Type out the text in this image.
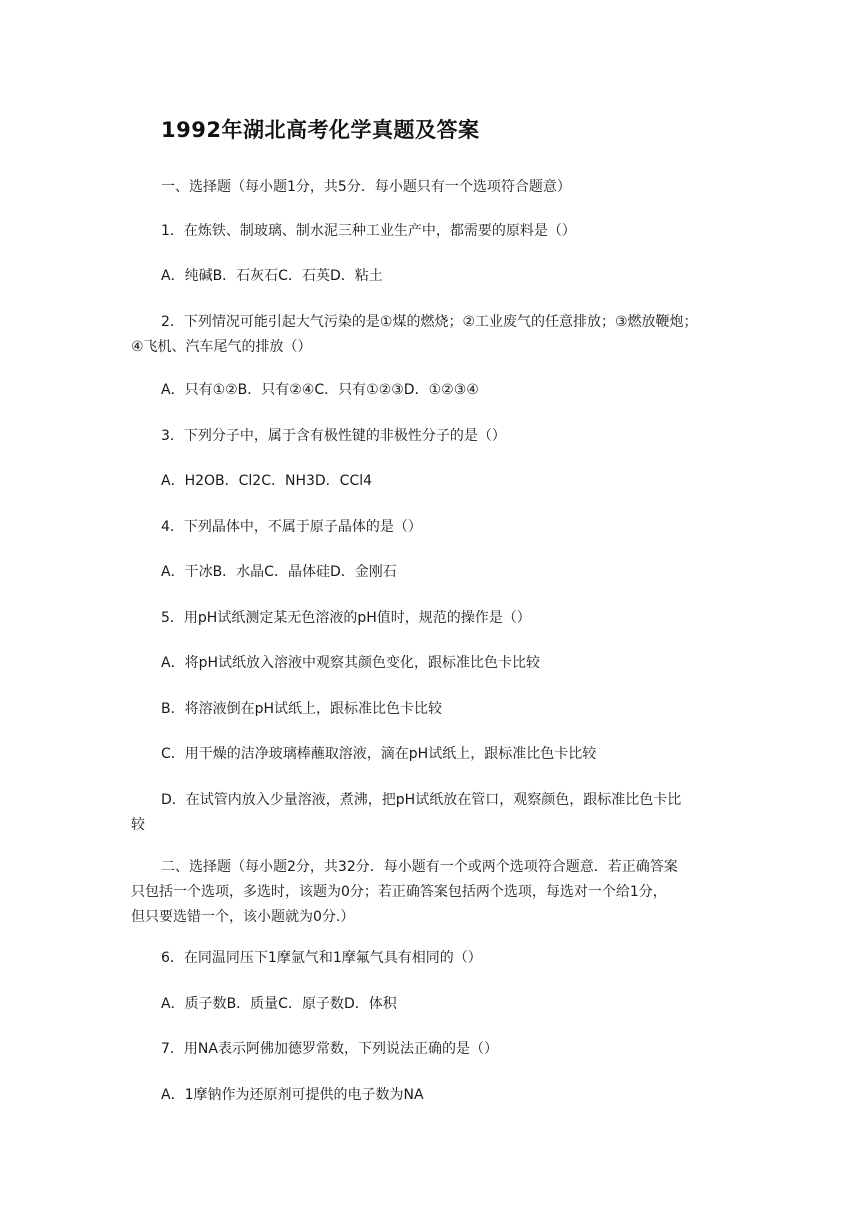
1992年湖北高考化学真题及答案
一、选择题（每小题1分，共5分．每小题只有一个选项符合题意）
1．在炼铁、制玻璃、制水泥三种工业生产中，都需要的原料是（）
A．纯碱B．石灰石C．石英D．粘土
2．下列情况可能引起大气污染的是①煤的燃烧；②工业废气的任意排放；③燃放鞭炮；
④飞机、汽车尾气的排放（）
A．只有①②B．只有②④C．只有①②③D．①②③④
3．下列分子中，属于含有极性键的非极性分子的是（）
A．H2OB．Cl2C．NH3D．CCl4
4．下列晶体中，不属于原子晶体的是（）
A．干冰B．水晶C．晶体硅D．金刚石
5．用pH试纸测定某无色溶液的pH值时，规范的操作是（）
A．将pH试纸放入溶液中观察其颜色变化，跟标准比色卡比较
B．将溶液倒在pH试纸上，跟标准比色卡比较
C．用干燥的洁净玻璃棒蘸取溶液，滴在pH试纸上，跟标准比色卡比较
D．在试管内放入少量溶液，煮沸，把pH试纸放在管口，观察颜色，跟标准比色卡比
较
二、选择题（每小题2分，共32分．每小题有一个或两个选项符合题意．若正确答案
只包括一个选项，多选时，该题为0分；若正确答案包括两个选项，每选对一个给1分，
但只要选错一个，该小题就为0分.）
6．在同温同压下1摩氩气和1摩氟气具有相同的（）
A．质子数B．质量C．原子数D．体积
7．用NA表示阿佛加德罗常数，下列说法正确的是（）
A．1摩钠作为还原剂可提供的电子数为NA
